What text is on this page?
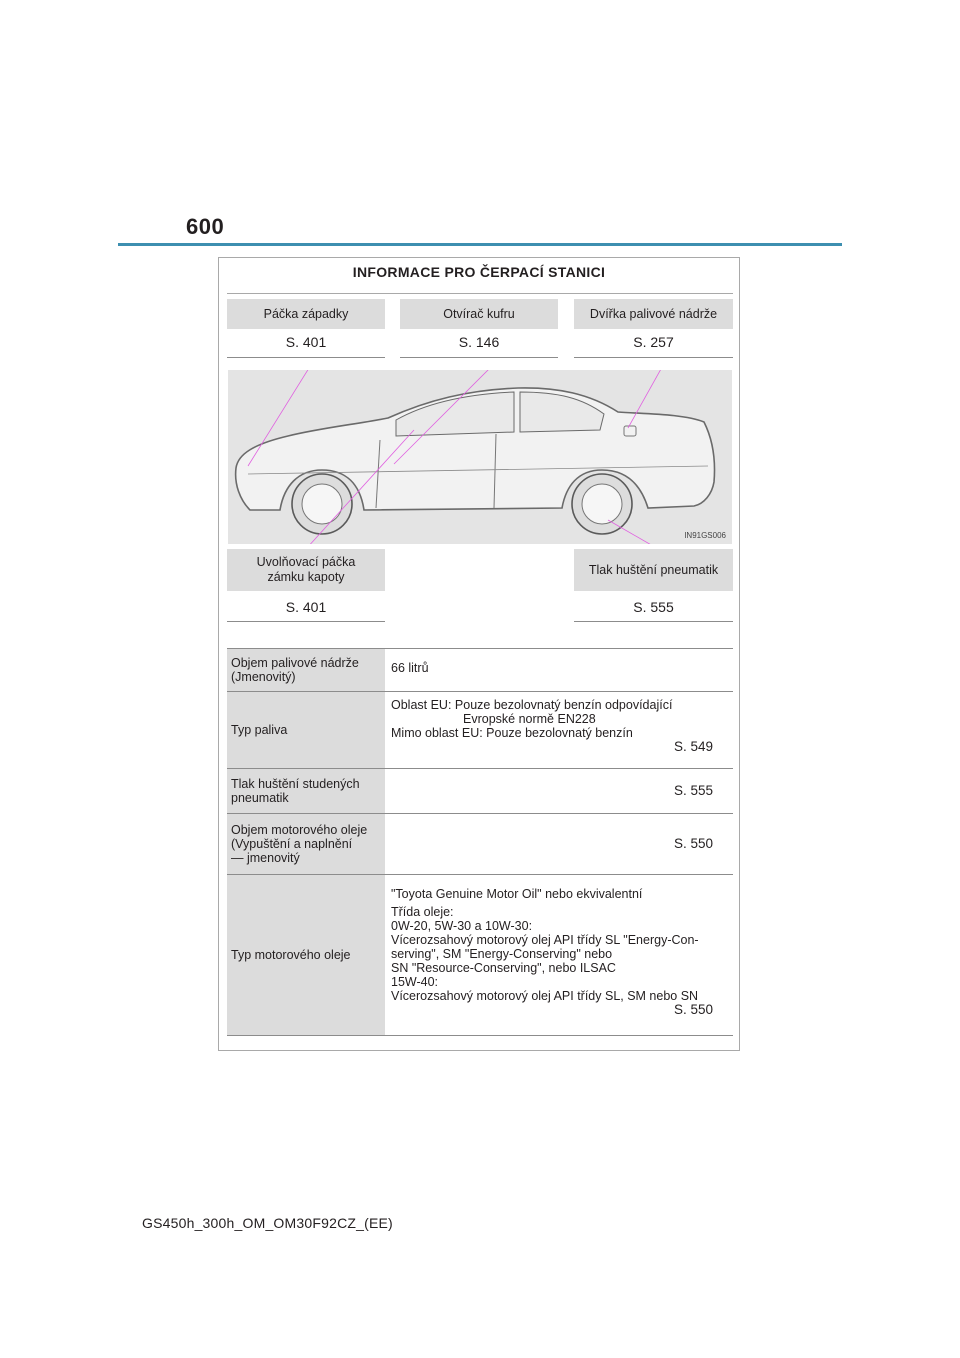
600
INFORMACE PRO ČERPACÍ STANICI
Páčka západky
S. 401
Otvírač kufru
S. 146
Dvířka palivové nádrže
S. 257
IN91GS006
Uvolňovací páčka
zámku kapoty
S. 401
Tlak huštění pneumatik
S. 555
Objem palivové nádrže
(Jmenovitý)
66 litrů
Typ paliva
Oblast EU: Pouze bezolovnatý benzín odpovídající
Evropské normě EN228
Mimo oblast EU: Pouze bezolovnatý benzín
S. 549
Tlak huštění studených
pneumatik	S. 555
Objem motorového oleje
(Vypuštění a naplnění
— jmenovitý
S. 550
Typ motorového oleje
"Toyota Genuine Motor Oil" nebo ekvivalentní
Třída oleje:
0W-20, 5W-30 a 10W-30:
Vícerozsahový motorový olej API třídy SL "Energy-Con-
serving", SM "Energy-Conserving" nebo
SN "Resource-Conserving", nebo ILSAC
15W-40:
Vícerozsahový motorový olej API třídy SL, SM nebo SN
S. 550
GS450h_300h_OM_OM30F92CZ_(EE)
